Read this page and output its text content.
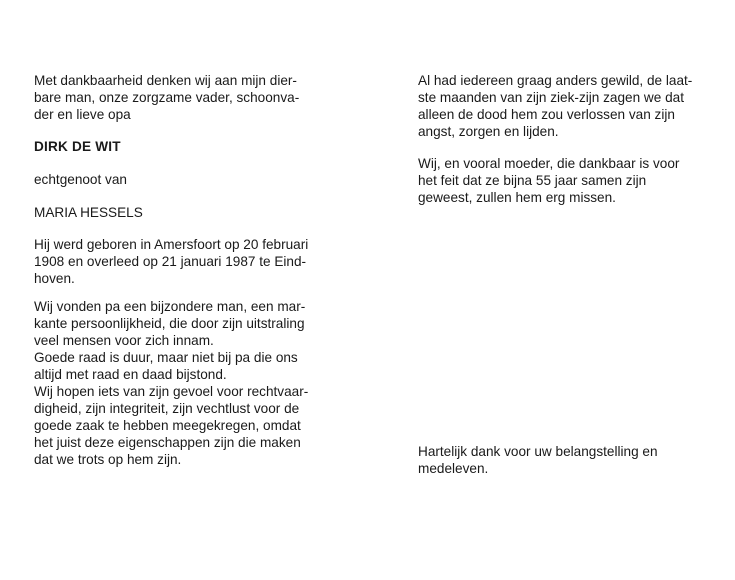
Met dankbaarheid denken wij aan mijn dier-
bare man, onze zorgzame vader, schoonva-
der en lieve opa

DIRK DE WIT

echtgenoot van

MARIA HESSELS

Hij werd geboren in Amersfoort op 20 februari
1908 en overleed op 21 januari 1987 te Eind-
hoven.

Wij vonden pa een bijzondere man, een mar-
kante persoonlijkheid, die door zijn uitstraling
veel mensen voor zich innam.

Goede raad is duur, maar niet bij pa die ons
altijd met raad en daad bijstond.

Wij hopen iets van zijn gevoel voor rechtvaar-
digheid, zijn integriteit, zijn vechtlust voor de
goede zaak te hebben meegekregen, omdat
het juist deze eigenschappen zijn die maken
dat we trots op hem zijn.

Al had iedereen graag anders gewild, de laat-
ste maanden van zijn ziek-zijn zagen we dat
alleen de dood hem zou verlossen van zijn
angst, zorgen en lijden.

Wij, en vooral moeder, die dankbaar is voor
het feit dat ze bijna 55 jaar samen zijn
geweest, zullen hem erg missen.

Hartelijk dank voor uw belangstelling en
medeleven.
